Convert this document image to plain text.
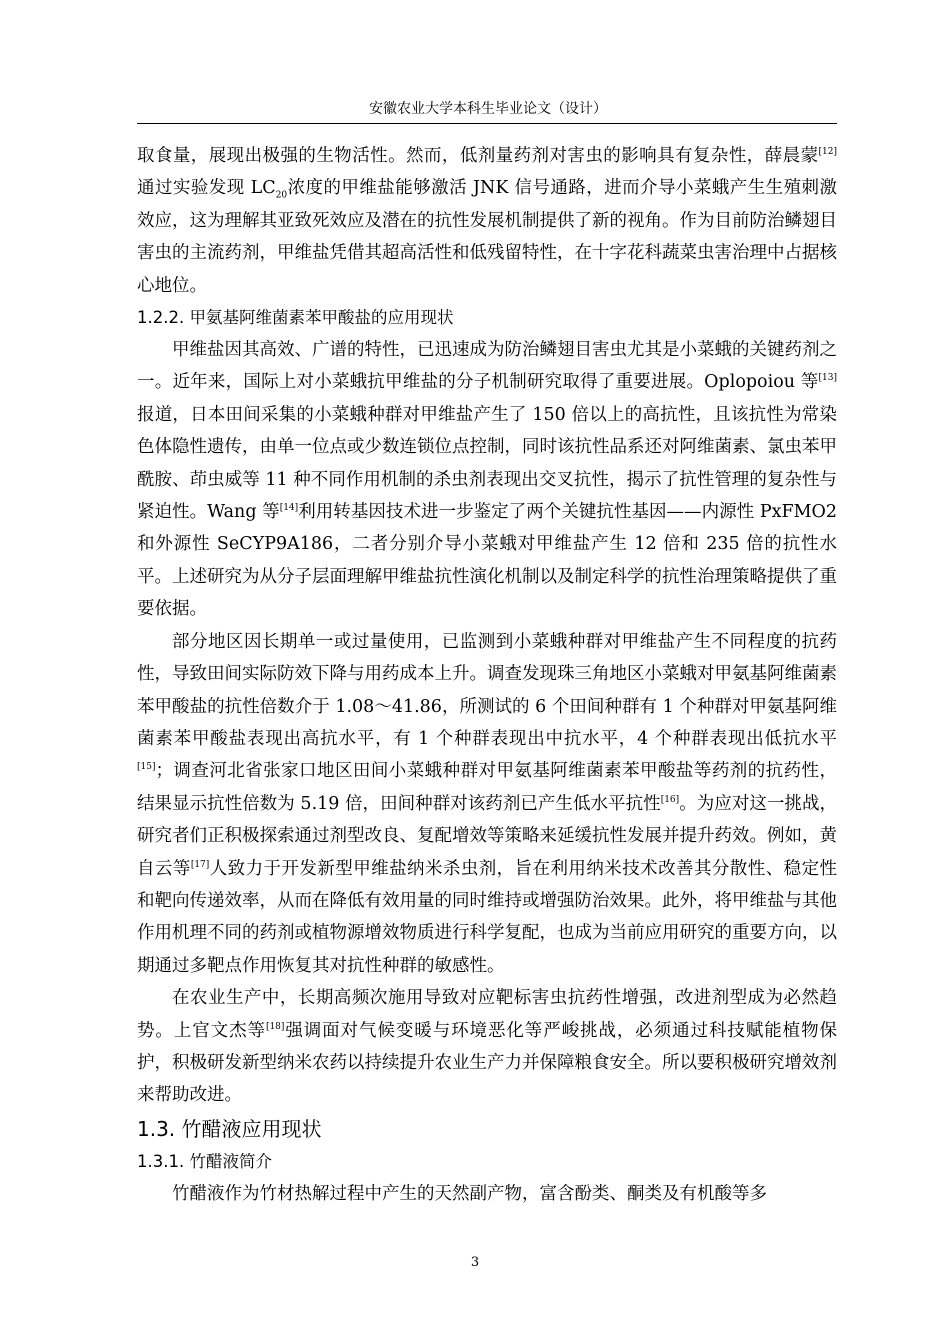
安徽农业大学本科生毕业论文（设计）

取食量，展现出极强的生物活性。然而，低剂量药剂对害虫的影响具有复杂性，薛晨蒙[12]通过实验发现 $LC_{20}$浓度的甲维盐能够激活 JNK 信号通路，进而介导小菜蛾产生生殖刺激效应，这为理解其亚致死效应及潜在的抗性发展机制提供了新的视角。作为目前防治鳞翅目害虫的主流药剂，甲维盐凭借其超高活性和低残留特性，在十字花科蔬菜虫害治理中占据核心地位。

1.2.2. 甲氨基阿维菌素苯甲酸盐的应用现状

甲维盐因其高效、广谱的特性，已迅速成为防治鳞翅目害虫尤其是小菜蛾的关键药剂之一。近年来，国际上对小菜蛾抗甲维盐的分子机制研究取得了重要进展。Oplopoiou 等[13]报道，日本田间采集的小菜蛾种群对甲维盐产生了 150 倍以上的高抗性，且该抗性为常染色体隐性遗传，由单一位点或少数连锁位点控制，同时该抗性品系还对阿维菌素、氯虫苯甲酰胺、茚虫威等 11 种不同作用机制的杀虫剂表现出交叉抗性，揭示了抗性管理的复杂性与紧迫性。Wang 等[14]利用转基因技术进一步鉴定了两个关键抗性基因——内源性 PxFMO2 和外源性 SeCYP9A186，二者分别介导小菜蛾对甲维盐产生 12 倍和 235 倍的抗性水平。上述研究为从分子层面理解甲维盐抗性演化机制以及制定科学的抗性治理策略提供了重要依据。

部分地区因长期单一或过量使用，已监测到小菜蛾种群对甲维盐产生不同程度的抗药性，导致田间实际防效下降与用药成本上升。调查发现珠三角地区小菜蛾对甲氨基阿维菌素苯甲酸盐的抗性倍数介于 1.08～41.86，所测试的 6 个田间种群有 1 个种群对甲氨基阿维菌素苯甲酸盐表现出高抗水平，有 1 个种群表现出中抗水平，4 个种群表现出低抗水平[15]；调查河北省张家口地区田间小菜蛾种群对甲氨基阿维菌素苯甲酸盐等药剂的抗药性，结果显示抗性倍数为 5.19 倍，田间种群对该药剂已产生低水平抗性[16]。为应对这一挑战，研究者们正积极探索通过剂型改良、复配增效等策略来延缓抗性发展并提升药效。例如，黄自云等[17]人致力于开发新型甲维盐纳米杀虫剂，旨在利用纳米技术改善其分散性、稳定性和靶向传递效率，从而在降低有效用量的同时维持或增强防治效果。此外，将甲维盐与其他作用机理不同的药剂或植物源增效物质进行科学复配，也成为当前应用研究的重要方向，以期通过多靶点作用恢复其对抗性种群的敏感性。

在农业生产中，长期高频次施用导致对应靶标害虫抗药性增强，改进剂型成为必然趋势。上官文杰等[18]强调面对气候变暖与环境恶化等严峻挑战，必须通过科技赋能植物保护，积极研发新型纳米农药以持续提升农业生产力并保障粮食安全。所以要积极研究增效剂来帮助改进。

1.3. 竹醋液应用现状
1.3.1. 竹醋液简介

竹醋液作为竹材热解过程中产生的天然副产物，富含酚类、酮类及有机酸等多

3
